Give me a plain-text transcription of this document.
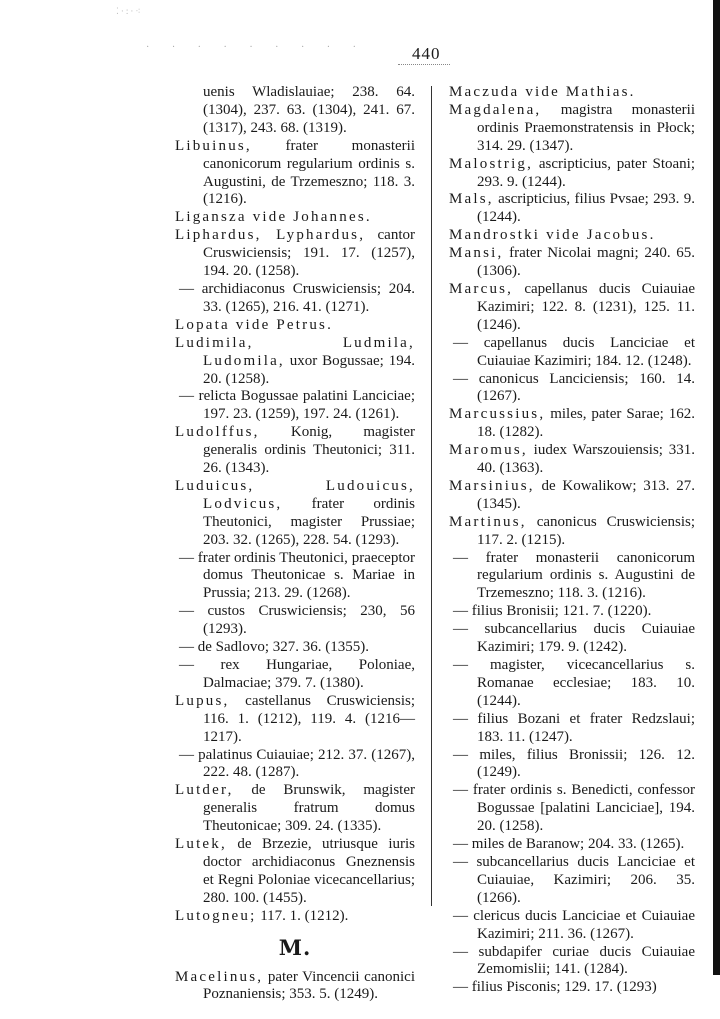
⁚·:·⁖
· · · · · · · · ·	440

uenis Wladislauiae; 238. 64. (1304), 237. 63. (1304), 241. 67. (1317), 243. 68. (1319).

Libuinus, frater monasterii canonicorum regularium ordinis s. Augustini, de Trzemeszno; 118. 3. (1216).

Ligansza vide Johannes.

Liphardus, Lyphardus, cantor Cruswiciensis; 191. 17. (1257), 194. 20. (1258).

— archidiaconus Cruswiciensis; 204. 33. (1265), 216. 41. (1271).

Lopata vide Petrus.

Ludimila, Ludmila, Ludomila, uxor Bogussae; 194. 20. (1258).

— relicta Bogussae palatini Lanciciae; 197. 23. (1259), 197. 24. (1261).

Ludolffus, Konig, magister generalis ordinis Theutonici; 311. 26. (1343).

Luduicus, Ludouicus, Lodvicus, frater ordinis Theutonici, magister Prussiae; 203. 32. (1265), 228. 54. (1293).

— frater ordinis Theutonici, praeceptor domus Theutonicae s. Mariae in Prussia; 213. 29. (1268).

— custos Cruswiciensis; 230, 56 (1293).

— de Sadlovo; 327. 36. (1355).

— rex Hungariae, Poloniae, Dalmaciae; 379. 7. (1380).

Lupus, castellanus Cruswiciensis; 116. 1. (1212), 119. 4. (1216—1217).

— palatinus Cuiauiae; 212. 37. (1267), 222. 48. (1287).

Lutder, de Brunswik, magister generalis fratrum domus Theutonicae; 309. 24. (1335).

Lutek, de Brzezie, utriusque iuris doctor archidiaconus Gneznensis et Regni Poloniae vicecancellarius; 280. 100. (1455).

Lutogneu; 117. 1. (1212).

M.

Macelinus, pater Vincencii canonici Poznaniensis; 353. 5. (1249).

Maczuda vide Mathias.

Magdalena, magistra monasterii ordinis Praemonstratensis in Płock; 314. 29. (1347).

Malostrig, ascripticius, pater Stoani; 293. 9. (1244).

Mals, ascripticius, filius Pvsae; 293. 9. (1244).

Mandrostki vide Jacobus.

Mansi, frater Nicolai magni; 240. 65. (1306).

Marcus, capellanus ducis Cuiauiae Kazimiri; 122. 8. (1231), 125. 11. (1246).

— capellanus ducis Lanciciae et Cuiauiae Kazimiri; 184. 12. (1248).

— canonicus Lanciciensis; 160. 14. (1267).

Marcussius, miles, pater Sarae; 162. 18. (1282).

Maromus, iudex Warszouiensis; 331. 40. (1363).

Marsinius, de Kowalikow; 313. 27. (1345).

Martinus, canonicus Cruswiciensis; 117. 2. (1215).

— frater monasterii canonicorum regularium ordinis s. Augustini de Trzemeszno; 118. 3. (1216).

— filius Bronisii; 121. 7. (1220).

— subcancellarius ducis Cuiauiae Kazimiri; 179. 9. (1242).

— magister, vicecancellarius s. Romanae ecclesiae; 183. 10. (1244).

— filius Bozani et frater Redzslaui; 183. 11. (1247).

— miles, filius Bronissii; 126. 12. (1249).

— frater ordinis s. Benedicti, confessor Bogussae [palatini Lanciciae], 194. 20. (1258).

— miles de Baranow; 204. 33. (1265).

— subcancellarius ducis Lanciciae et Cuiauiae, Kazimiri; 206. 35. (1266).

— clericus ducis Lanciciae et Cuiauiae Kazimiri; 211. 36. (1267).

— subdapifer curiae ducis Cuiauiae Zemomislii; 141. (1284).

— filius Pisconis; 129. 17. (1293)
